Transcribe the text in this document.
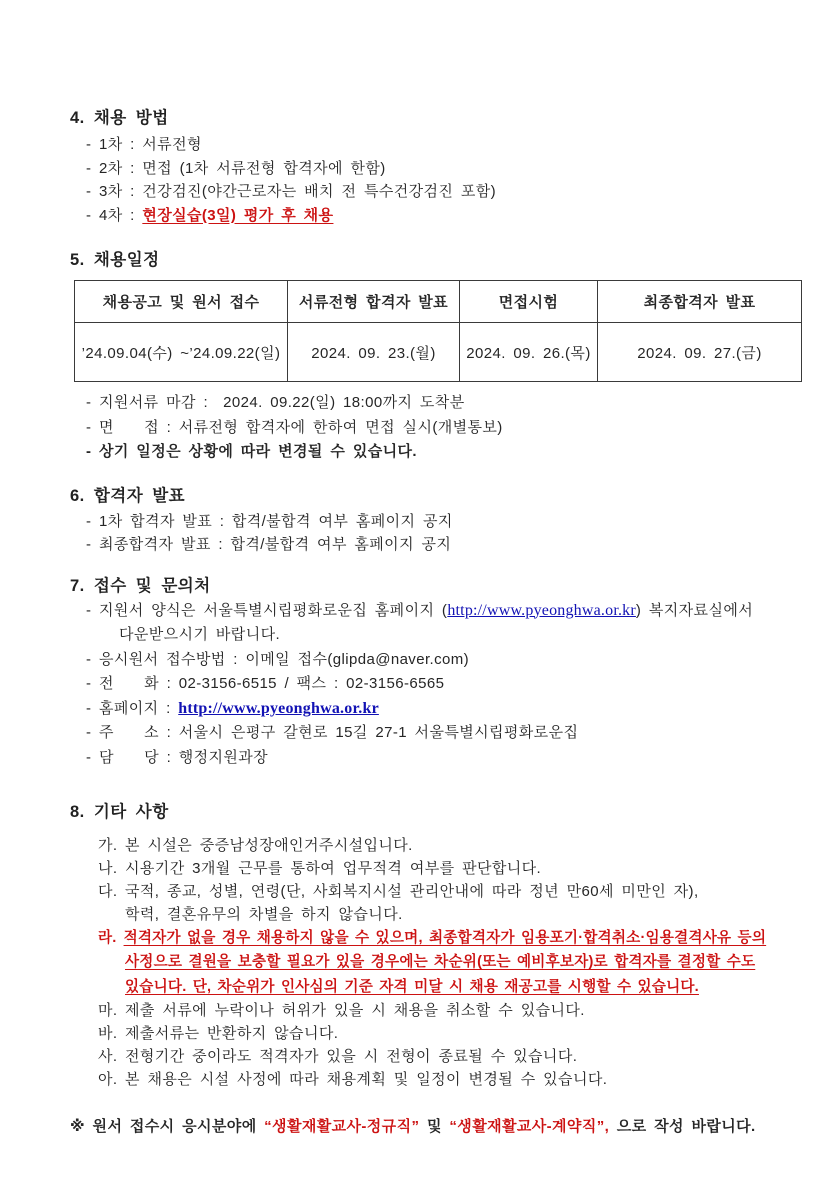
4. 채용 방법
- 1차 : 서류전형
- 2차 : 면접 (1차 서류전형 합격자에 한함)
- 3차 : 건강검진(야간근로자는 배치 전 특수건강검진 포함)
- 4차 : 현장실습(3일) 평가 후 채용
5. 채용일정
채용공고 및 원서 접수	서류전형 합격자 발표	면접시험	최종합격자 발표
’24.09.04(수) ~’24.09.22(일)	2024. 09. 23.(월)	2024. 09. 26.(목)	2024. 09. 27.(금)
- 지원서류 마감 :  2024. 09.22(일) 18:00까지 도착분
- 면    접 : 서류전형 합격자에 한하여 면접 실시(개별통보)
- 상기 일정은 상황에 따라 변경될 수 있습니다.
6. 합격자 발표
- 1차 합격자 발표 : 합격/불합격 여부 홈페이지 공지
- 최종합격자 발표 : 합격/불합격 여부 홈페이지 공지
7. 접수 및 문의처
- 지원서 양식은 서울특별시립평화로운집 홈페이지 (http://www.pyeonghwa.or.kr) 복지자료실에서
다운받으시기 바랍니다.
- 응시원서 접수방법 : 이메일 접수(glipda@naver.com)
- 전    화 : 02-3156-6515 / 팩스 : 02-3156-6565
- 홈페이지 : http://www.pyeonghwa.or.kr
- 주    소 : 서울시 은평구 갈현로 15길 27-1 서울특별시립평화로운집
- 담    당 : 행정지원과장
8. 기타 사항
가. 본 시설은 중증남성장애인거주시설입니다.
나. 시용기간 3개월 근무를 통하여 업무적격 여부를 판단합니다.
다. 국적, 종교, 성별, 연령(단, 사회복지시설 관리안내에 따라 정년 만60세 미만인 자),
학력, 결혼유무의 차별을 하지 않습니다.
라. 적격자가 없을 경우 채용하지 않을 수 있으며, 최종합격자가 임용포기·합격취소·임용결격사유 등의
사정으로 결원을 보충할 필요가 있을 경우에는 차순위(또는 예비후보자)로 합격자를 결정할 수도
있습니다. 단, 차순위가 인사심의 기준 자격 미달 시 채용 재공고를 시행할 수 있습니다.
마. 제출 서류에 누락이나 허위가 있을 시 채용을 취소할 수 있습니다.
바. 제출서류는 반환하지 않습니다.
사. 전형기간 중이라도 적격자가 있을 시 전형이 종료될 수 있습니다.
아. 본 채용은 시설 사정에 따라 채용계획 및 일정이 변경될 수 있습니다.
※ 원서 접수시 응시분야에 “생활재활교사-정규직” 및 “생활재활교사-계약직”, 으로 작성 바랍니다.
